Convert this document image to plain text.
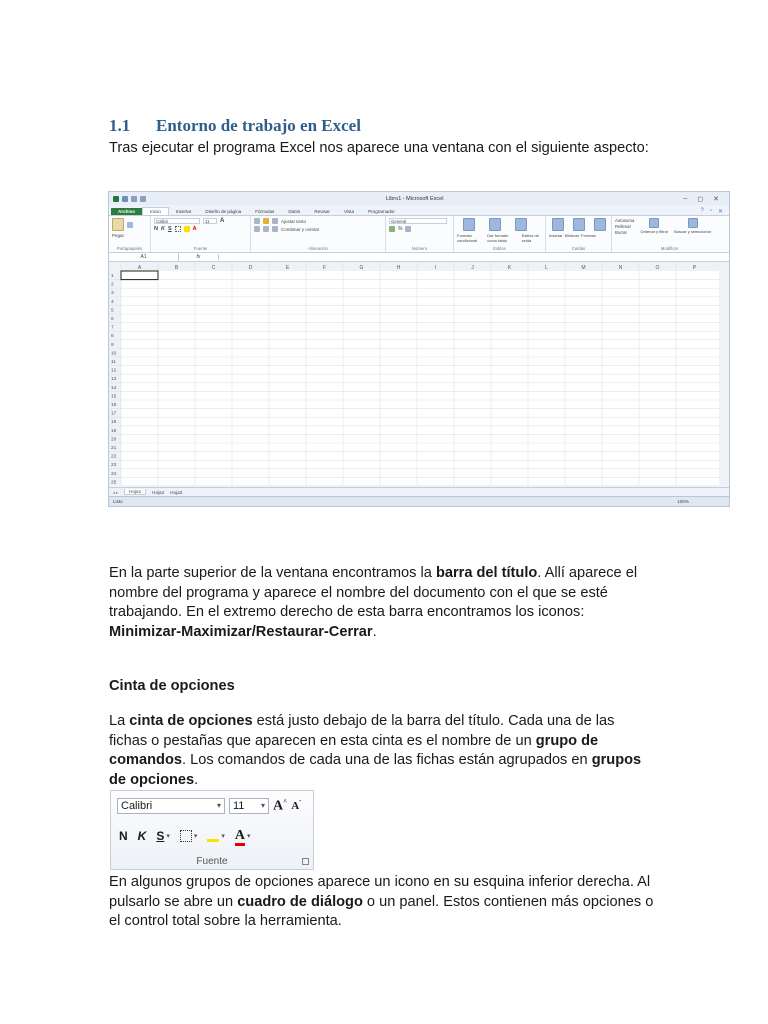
1.1 Entorno de trabajo en Excel
Tras ejecutar el programa Excel nos aparece una ventana con el siguiente aspecto:
Libro1 - Microsoft Excel	– ◻ ✕
Archivo	Inicio	Insertar	Diseño de página	Fórmulas	Datos	Revisar	Vista	Programador	? ▫ ✕
Pegar
Portapapeles
Calibri	11	A
N K S	A
Fuente
Ajustar texto
Combinar y centrar
Alineación
General
%
Número
Formato condicional
Dar formato como tabla
Estilos de celda
Estilos
Insertar Eliminar Formato
Celdas
Autosuma
Rellenar
Borrar	Ordenar y filtrar Buscar y seleccionar
Modificar
A1	fx
A	B	C	D	E	F	G	H	I	J	K	L	M	N	O	P
1
2
3
4
5
6
7
8
9
10
11
12
13
14
15
16
17
18
19
20
21
22
23
24
25
◂ ▸	Hoja1	Hoja2 Hoja3
Listo	100%
En la parte superior de la ventana encontramos la barra del título. Allí aparece el nombre del programa y aparece el nombre del documento con el que se esté trabajando. En el extremo derecho de esta barra encontramos los iconos: Minimizar-Maximizar/Restaurar-Cerrar.
Cinta de opciones
La cinta de opciones está justo debajo de la barra del título. Cada una de las fichas o pestañas que aparecen en esta cinta es el nombre de un grupo de comandos. Los comandos de cada una de las fichas están agrupados en grupos de opciones.
Calibri	▾	11 ▾ A^ $A^ˇ$
N K S ▾	▾	▾ A ▾
Fuente
En algunos grupos de opciones aparece un icono en su esquina inferior derecha. Al pulsarlo se abre un cuadro de diálogo o un panel. Estos contienen más opciones o el control total sobre la herramienta.
